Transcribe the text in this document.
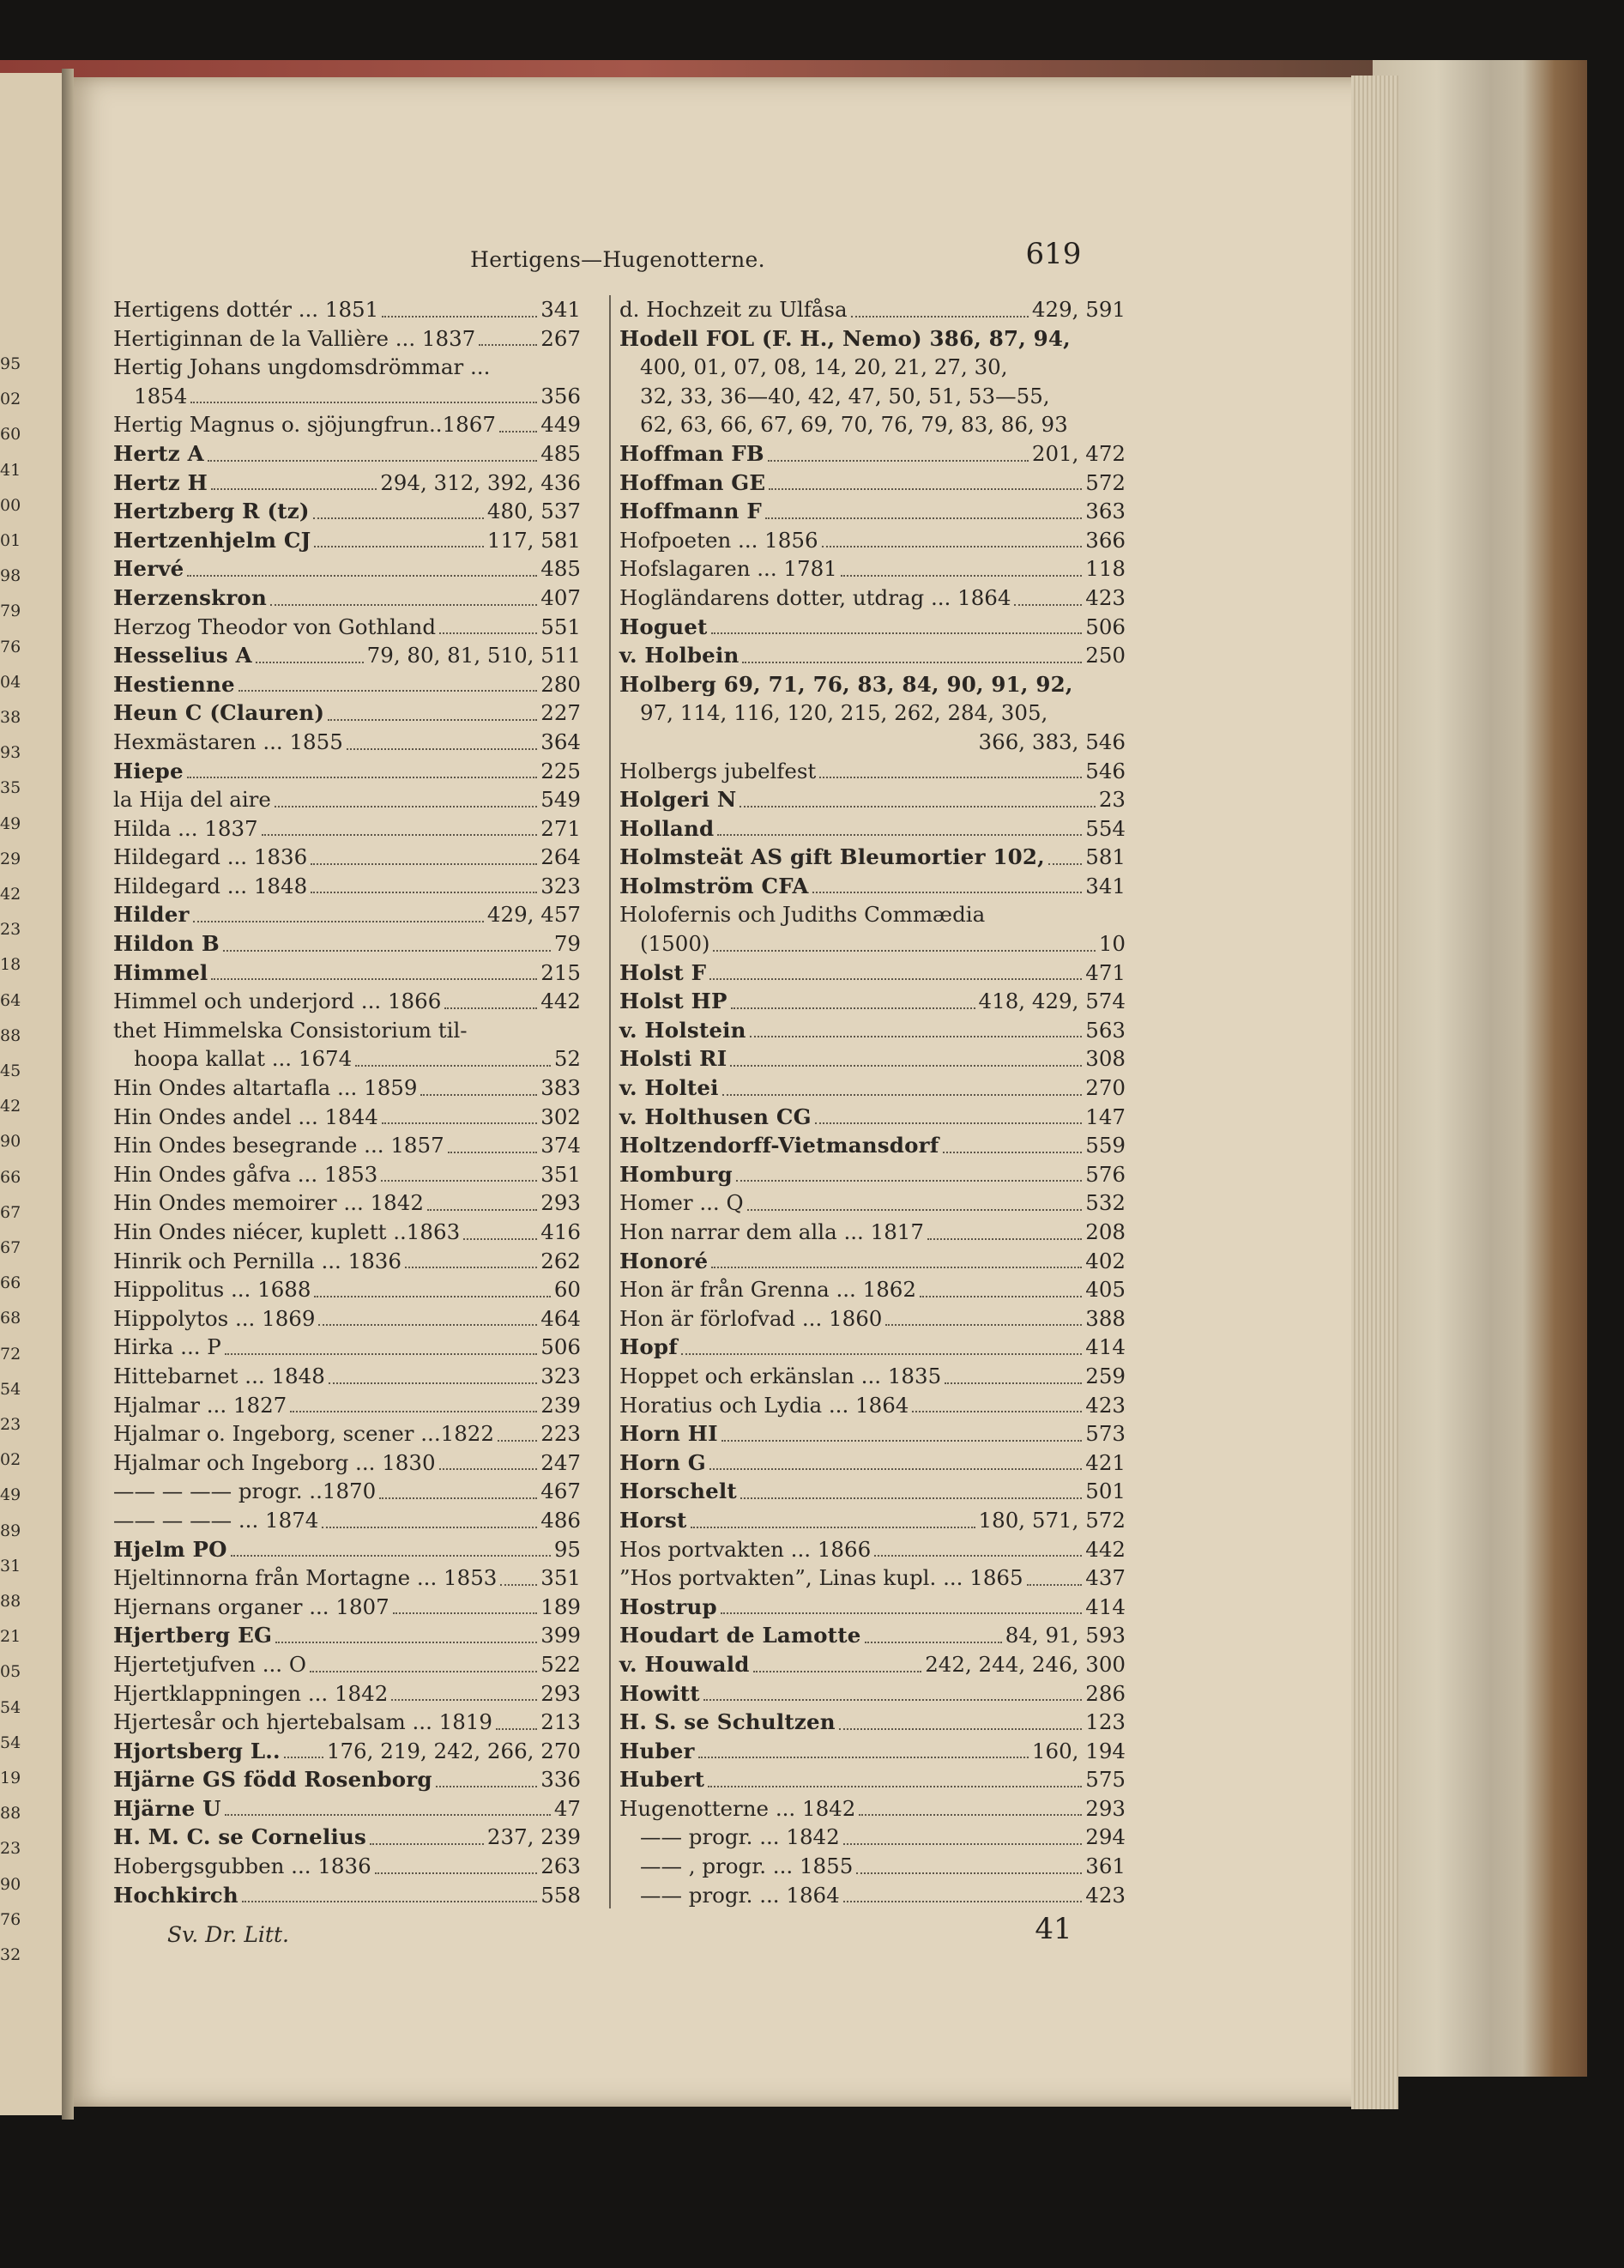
95
02
60
41
00
01
98
79
76
04
38
93
35
49
29
42
23
18
64
88
45
42
90
66
67
67
66
68
72
54
23
02
49
89
31
88
21
05
54
54
19
88
23
90
76
32
Hertigens—Hugenotterne.	619
Hertigens dottér ... 1851	341
Hertiginnan de la Vallière ... 1837	267
Hertig Johans ungdomsdrömmar ...
1854	356
Hertig Magnus o. sjöjungfrun..1867 449
Hertz A	485
Hertz H	294, 312, 392, 436
Hertzberg R (tz)	480, 537
Hertzenhjelm CJ	117, 581
Hervé	485
Herzenskron	407
Herzog Theodor von Gothland	551
Hesselius A	79, 80, 81, 510, 511
Hestienne	280
Heun C (Clauren)	227
Hexmästaren ... 1855	364
Hiepe	225
la Hija del aire	549
Hilda ... 1837	271
Hildegard ... 1836	264
Hildegard ... 1848	323
Hilder	429, 457
Hildon B	79
Himmel	215
Himmel och underjord ... 1866	442
thet Himmelska Consistorium til-
hoopa kallat ... 1674	52
Hin Ondes altartafla ... 1859	383
Hin Ondes andel ... 1844	302
Hin Ondes besegrande ... 1857	374
Hin Ondes gåfva ... 1853	351
Hin Ondes memoirer ... 1842	293
Hin Ondes niécer, kuplett ..1863	416
Hinrik och Pernilla ... 1836	262
Hippolitus ... 1688	60
Hippolytos ... 1869	464
Hirka ... P	506
Hittebarnet ... 1848	323
Hjalmar ... 1827	239
Hjalmar o. Ingeborg, scener ...1822 223
Hjalmar och Ingeborg ... 1830	247
—— — —— progr. ..1870	467
—— — —— ... 1874	486
Hjelm PO	95
Hjeltinnorna från Mortagne ... 1853 351
Hjernans organer ... 1807	189
Hjertberg EG	399
Hjertetjufven ... O	522
Hjertklappningen ... 1842	293
Hjertesår och hjertebalsam ... 1819 213
Hjortsberg L.. 176, 219, 242, 266, 270
Hjärne GS född Rosenborg	336
Hjärne U	47
H. M. C. se Cornelius	237, 239
Hobergsgubben ... 1836	263
Hochkirch	558
d. Hochzeit zu Ulfåsa	429, 591
Hodell FOL (F. H., Nemo) 386, 87, 94,
400, 01, 07, 08, 14, 20, 21, 27, 30,
32, 33, 36—40, 42, 47, 50, 51, 53—55,
62, 63, 66, 67, 69, 70, 76, 79, 83, 86, 93
Hoffman FB	201, 472
Hoffman GE	572
Hoffmann F	363
Hofpoeten ... 1856	366
Hofslagaren ... 1781	118
Hogländarens dotter, utdrag ... 1864	423
Hoguet	506
v. Holbein	250
Holberg 69, 71, 76, 83, 84, 90, 91, 92,
97, 114, 116, 120, 215, 262, 284, 305,
366, 383, 546
Holbergs jubelfest	546
Holgeri N	23
Holland	554
Holmsteät AS gift Bleumortier 102, 581
Holmström CFA	341
Holofernis och Judiths Commædia
(1500)	10
Holst F	471
Holst HP	418, 429, 574
v. Holstein	563
Holsti RI	308
v. Holtei	270
v. Holthusen CG	147
Holtzendorff-Vietmansdorf	559
Homburg	576
Homer ... Q	532
Hon narrar dem alla ... 1817	208
Honoré	402
Hon är från Grenna ... 1862	405
Hon är förlofvad ... 1860	388
Hopf	414
Hoppet och erkänslan ... 1835	259
Horatius och Lydia ... 1864	423
Horn HI	573
Horn G	421
Horschelt	501
Horst	180, 571, 572
Hos portvakten ... 1866	442
”Hos portvakten”, Linas kupl. ... 1865	437
Hostrup	414
Houdart de Lamotte	84, 91, 593
v. Houwald	242, 244, 246, 300
Howitt	286
H. S. se Schultzen	123
Huber	160, 194
Hubert	575
Hugenotterne ... 1842	293
—— progr. ... 1842	294
—— , progr. ... 1855	361
—— progr. ... 1864	423
Sv. Dr. Litt.	41
